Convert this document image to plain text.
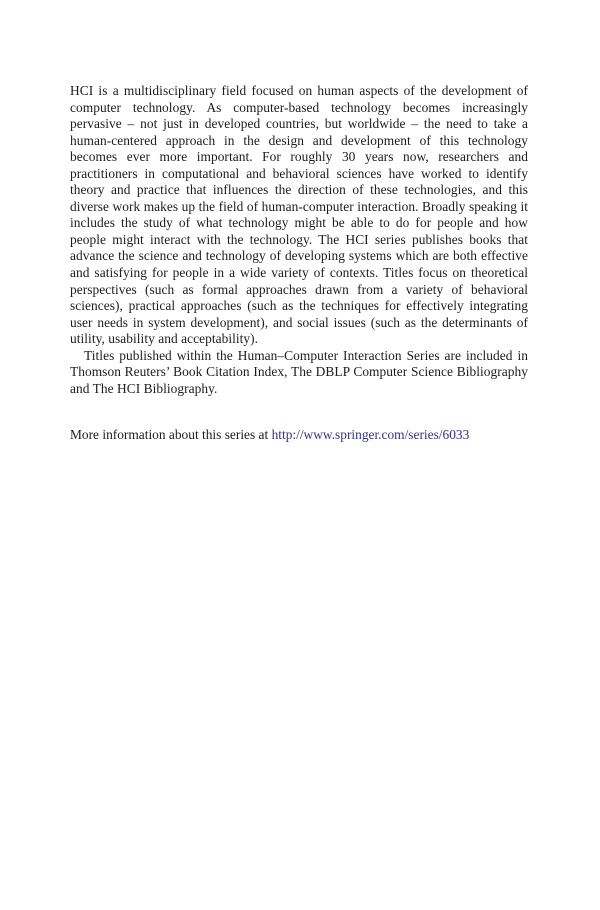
HCI is a multidisciplinary field focused on human aspects of the development of computer technology. As computer-based technology becomes increasingly pervasive – not just in developed countries, but worldwide – the need to take a human-centered approach in the design and development of this technology becomes ever more important. For roughly 30 years now, researchers and practitioners in computational and behavioral sciences have worked to identify theory and practice that influences the direction of these technologies, and this diverse work makes up the field of human-computer interaction. Broadly speaking it includes the study of what technology might be able to do for people and how people might interact with the technology. The HCI series publishes books that advance the science and technology of developing systems which are both effective and satisfying for people in a wide variety of contexts. Titles focus on theoretical perspectives (such as formal approaches drawn from a variety of behavioral sciences), practical approaches (such as the techniques for effectively integrating user needs in system development), and social issues (such as the determinants of utility, usability and acceptability).

Titles published within the Human–Computer Interaction Series are included in Thomson Reuters’ Book Citation Index, The DBLP Computer Science Bibliography and The HCI Bibliography.

More information about this series at http://www.springer.com/series/6033
